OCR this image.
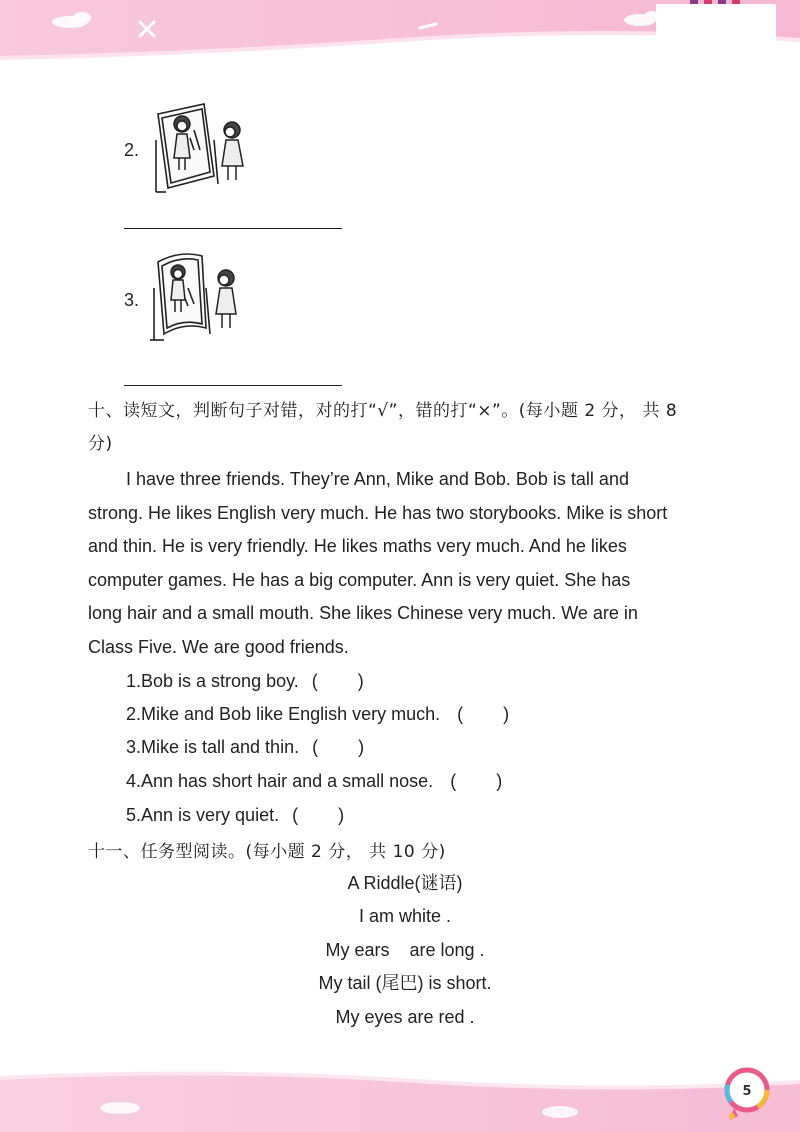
2.
3.
十、读短文，判断句子对错，对的打“√”，错的打“×”。(每小题 2 分， 共 8
分)
I have three friends. They’re Ann, Mike and Bob. Bob is tall and
strong. He likes English very much. He has two storybooks. Mike is short
and thin. He is very friendly. He likes maths very much. And he likes
computer games. He has a big computer. Ann is very quiet. She has
long hair and a small mouth. She likes Chinese very much. We are in
Class Five. We are good friends.
1.Bob is a strong boy. ( )
2.Mike and Bob like English very much. ( )
3.Mike is tall and thin. ( )
4.Ann has short hair and a small nose. ( )
5.Ann is very quiet. ( )
十一、任务型阅读。(每小题 2 分， 共 10 分)
A Riddle(谜语)
I am white .
My ears    are long .
My tail (尾巴) is short.
My eyes are red .
5
